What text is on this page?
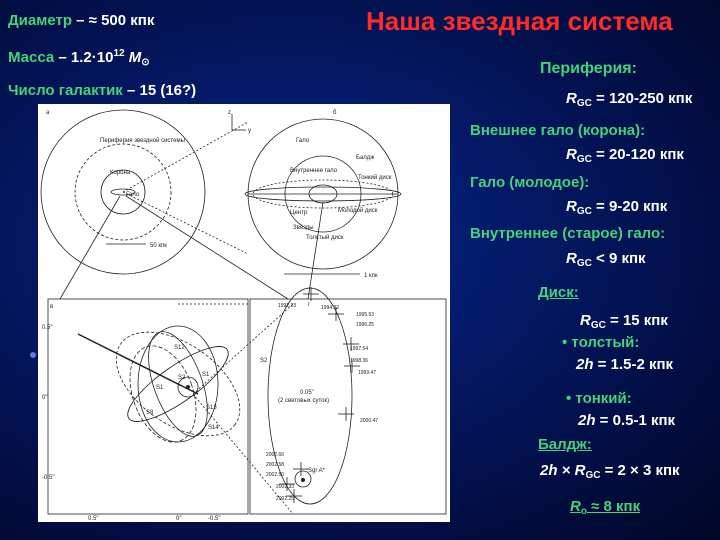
Диаметр – ≈ 500 кпк
Масса – $1.2\cdot 10^{12}$ $M_⊙$
Число галактик – 15 (16?)
Наша звездная система
Периферия:
$R_{GC} = 120-250$ кпк
Внешнее гало (корона):
$R_{GC} = 20-120$ кпк
Гало (молодое):
$R_{GC} = 9-20$ кпк
Внутреннее (старое) гало:
$R_{GC} < 9$ кпк
Диск:
$R_{GC} = 15$ кпк
• толстый:
2h = 1.5-2 кпк
• тонкий:
2h = 0.5-1 кпк
Балдж:
$2h \times R_{GC} = 2 \times 3$ кпк
$R_o \approx 8$ кпк
а	z
y
Периферия звездной системы
Корона
Гало
50 кпк
б
Гало
Балдж
Внутреннее гало
Тонкий диск
Центр	Молодой диск
Звёзды
Толстый диск
1 кпк
в
S12
S1
S2
S8
S13
S1
S14
0.5"
0"
-0.5"
0.5"	0"	-0.5"
г
S2
Sgr A*
0.05"
(2 световых суток)
1992.23	1994.32
1995.53
1996.25
1997.54
1998.36
1999.47
2000.47
2002.66
2002.58
2002.50
2002.33
2002.25
